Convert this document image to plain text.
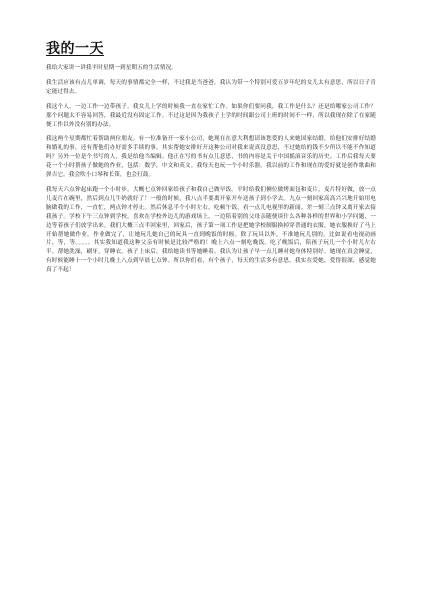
我的一天

我给大家讲一讲我平时星期一到星期五的生活情况。

我生活应该有点儿单调，每天的事情都完全一样，不过我是当爸爸。我认为带一个特别可爱五岁年纪的女儿太有意思，所以日子肯定能过得去。

我这个人，一边工作一边带孩子。我女儿上学的时候我一直在家忙工作。如果你们要问我，我工作是什么？还是给哪家公司工作？那个问题太不容易回答，我最近没有固定工作。不过这是因为我孩子上学的时间跟公司上班的时间不一样，所以我现在除了在家随便工作以外没有别的办法。

我这两个星期都忙着帮助两位朋友。有一位准备开一家小公司，她现在在意大利想请该您爱的人来她国家结婚，给他们安排好结婚和婚礼的事，还有帮他们办好需多手续的事。其实帮她安排好开这种公司对我来说真没意思，不过她给的钱不少所以不能不作知道吗？另外一位是个书写的人，我是给他当编辑。他正在写的书有点儿意思，书的内容是关于中国摇滚音乐的历史。工作后我每天要花一个小时帮孩子做她的作业，包括：数学，中文和英文。我每天也玩一个小时乐器。我以前的工作和现在的爱好就是创作歌曲和弹吉它。我会吹小口琴和长笛，也会打鼓。

我每天六点钟起床跑一个小时步。大概七点钟回家给孩子和我自己做早饭。平时给我们俩位做烤面包和麦片。麦片特好做，放一点儿麦片在碗里，然后到点儿牛奶就好了！一般的时候，我八点半要离开家开车送孩子到小学去。九点一刻回家高高兴兴地开始用电脑做我的工作，一直忙，两点钟才停止。然后休息半个小时左右，吃顿午饭，看一点儿电视里的新闻。差一刻三点钟又离开家去接我孩子。学校下午三点钟到学校。喜欢在学校外边儿的游戏场上，一边陪着别的父母亲随便谈什么各种各样的世界和小学问题，一边等着孩子们放学出来。我们大概三点半回家里，回家后，孩子第一项工作是把她学校制服换掉穿普通的衣服。她衣服换好了马上开始帮她做作业。作业做完了，让她玩儿她自己的玩具一直到晚饭的时候。除了玩具以外，不准她玩儿别的，比如说看电视动画片，等，等。。。。。其实我知道我这种父亲有时候是比较严格的！晚上六点一刻吃晚饭。吃了晚饭后，陪孩子玩儿一个小时儿左右半。帮她洗澡，刷牙，穿睡衣。孩子上床后，我给她读书等她睡着。我认为让孩子早一点儿睡对她身体特别好。她现在真会睡觉，有时候能睡十一个小时儿晚上八点到早晨七点钟。所以你们看，有个孩子，每天的生活多有意思。我实在爱她，爱得很深，感觉她真了不起！
